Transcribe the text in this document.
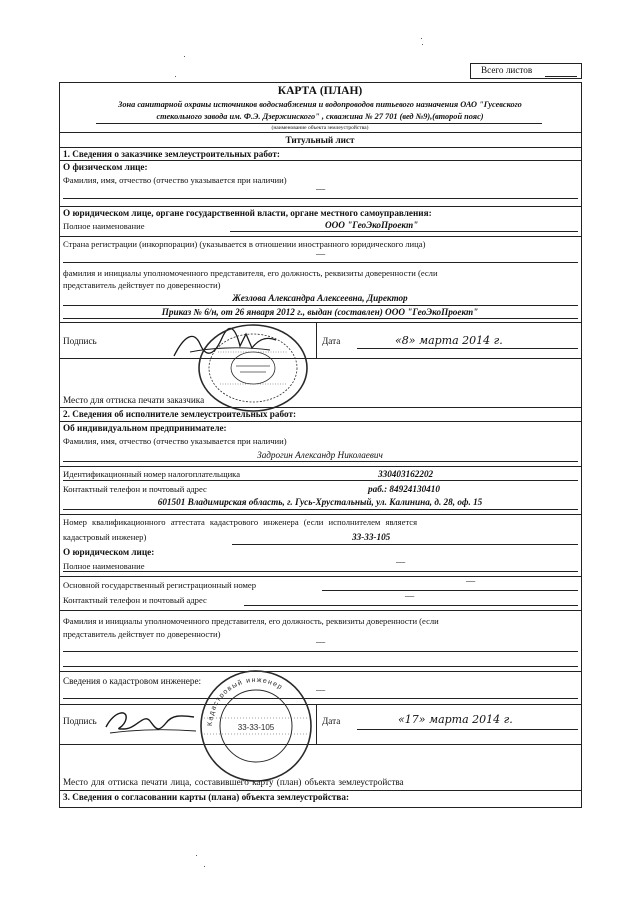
Всего листов
КАРТА (ПЛАН)
Зона санитарной охраны источников водоснабжения и водопроводов питьевого назначения ОАО "Гусевского
стекольного завода им. Ф.Э. Дзержинского" , скважина № 27 701 (вед №9),(второй пояс)
(наименование объекта землеустройства)
Титульный лист
1. Сведения о заказчике землеустроительных работ:
О физическом лице:
Фамилия, имя, отчество (отчество указывается при наличии)
—
О юридическом лице, органе государственной власти, органе местного самоуправления:
Полное наименование	ООО "ГеоЭкоПроект"
Страна регистрации (инкорпорации) (указывается в отношении иностранного юридического лица)
—
фамилия и инициалы уполномоченного представителя, его должность, реквизиты доверенности (если
представитель действует по доверенности)
Жезлова Александра Алексеевна, Директор
Приказ № 6/н, от 26 января 2012 г., выдан (составлен) ООО "ГеоЭкоПроект"
Подпись	Дата	«8» марта 2014 г.
Место для оттиска печати заказчика
2. Сведения об исполнителе землеустроительных работ:
Об индивидуальном предпринимателе:
Фамилия, имя, отчество (отчество указывается при наличии)
Задрогин Александр Николаевич
Идентификационный номер налогоплательщика	330403162202
Контактный телефон и почтовый адрес	раб.: 84924130410
601501 Владимирская область, г. Гусь-Хрустальный, ул. Калинина, д. 28, оф. 15
Номер квалификационного аттестата кадастрового инженера (если исполнителем является
кадастровый инженер)	33-33-105
О юридическом лице:
Полное наименование	—
Основной государственный регистрационный номер	—
Контактный телефон и почтовый адрес	—
Фамилия и инициалы уполномоченного представителя, его должность, реквизиты доверенности (если
представитель действует по доверенности)
—
Сведения о кадастровом инженере:
—
Подпись	Дата	«17» марта 2014 г.
Кадастровый инженер
33-33-105
Место для оттиска печати лица, составившего карту (план) объекта землеустройства
3. Сведения о согласовании карты (плана) объекта землеустройства:
